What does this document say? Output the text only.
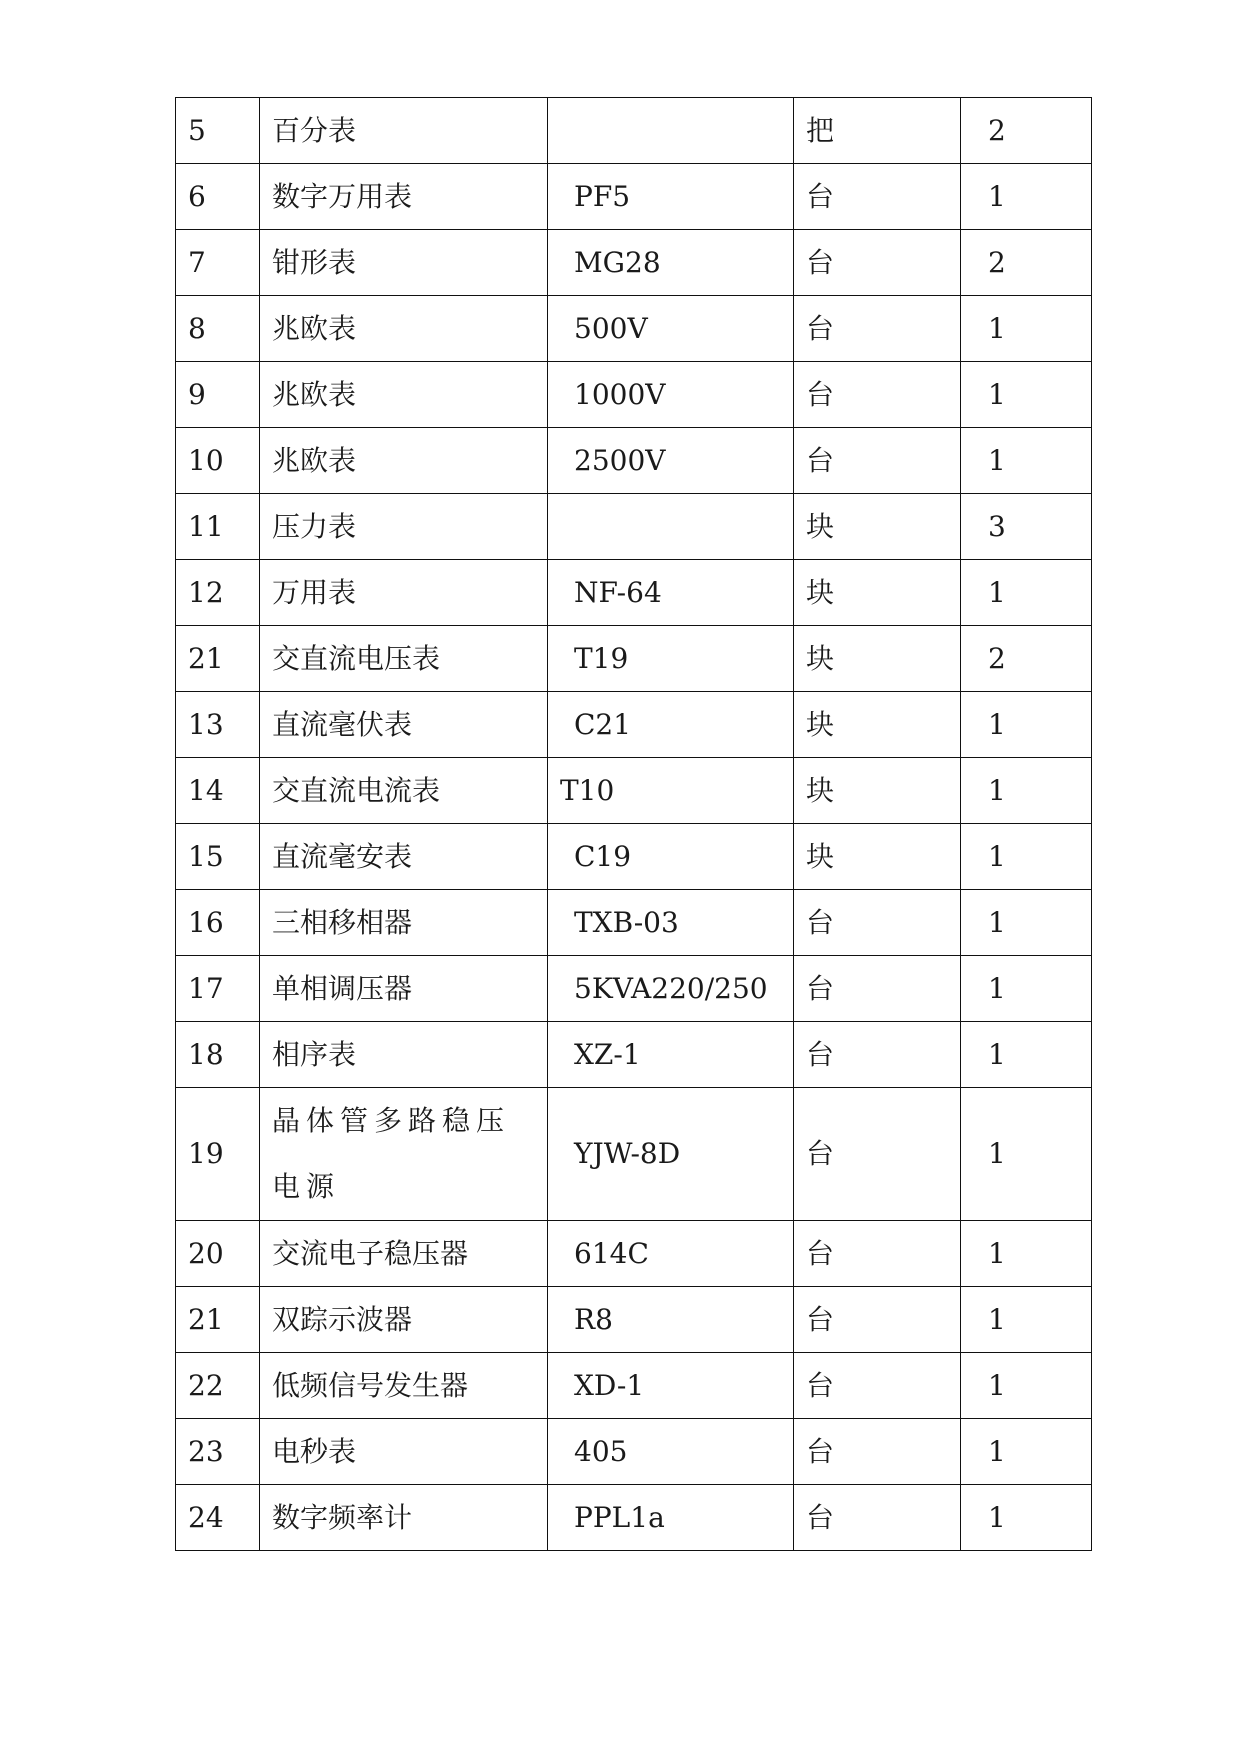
5	百分表		把	2
6	数字万用表	PF5	台	1
7	钳形表	MG28	台	2
8	兆欧表	500V	台	1
9	兆欧表	1000V	台	1
10	兆欧表	2500V	台	1
11	压力表		块	3
12	万用表	NF-64	块	1
21	交直流电压表	T19	块	2
13	直流毫伏表	C21	块	1
14	交直流电流表	T10	块	1
15	直流毫安表	C19	块	1
16	三相移相器	TXB-03	台	1
17	单相调压器	5KVA220/250	台	1
18	相序表	XZ-1	台	1
19	晶体管多路稳压电源	YJW-8D	台	1
20	交流电子稳压器	614C	台	1
21	双踪示波器	R8	台	1
22	低频信号发生器	XD-1	台	1
23	电秒表	405	台	1
24	数字频率计	PPL1a	台	1
